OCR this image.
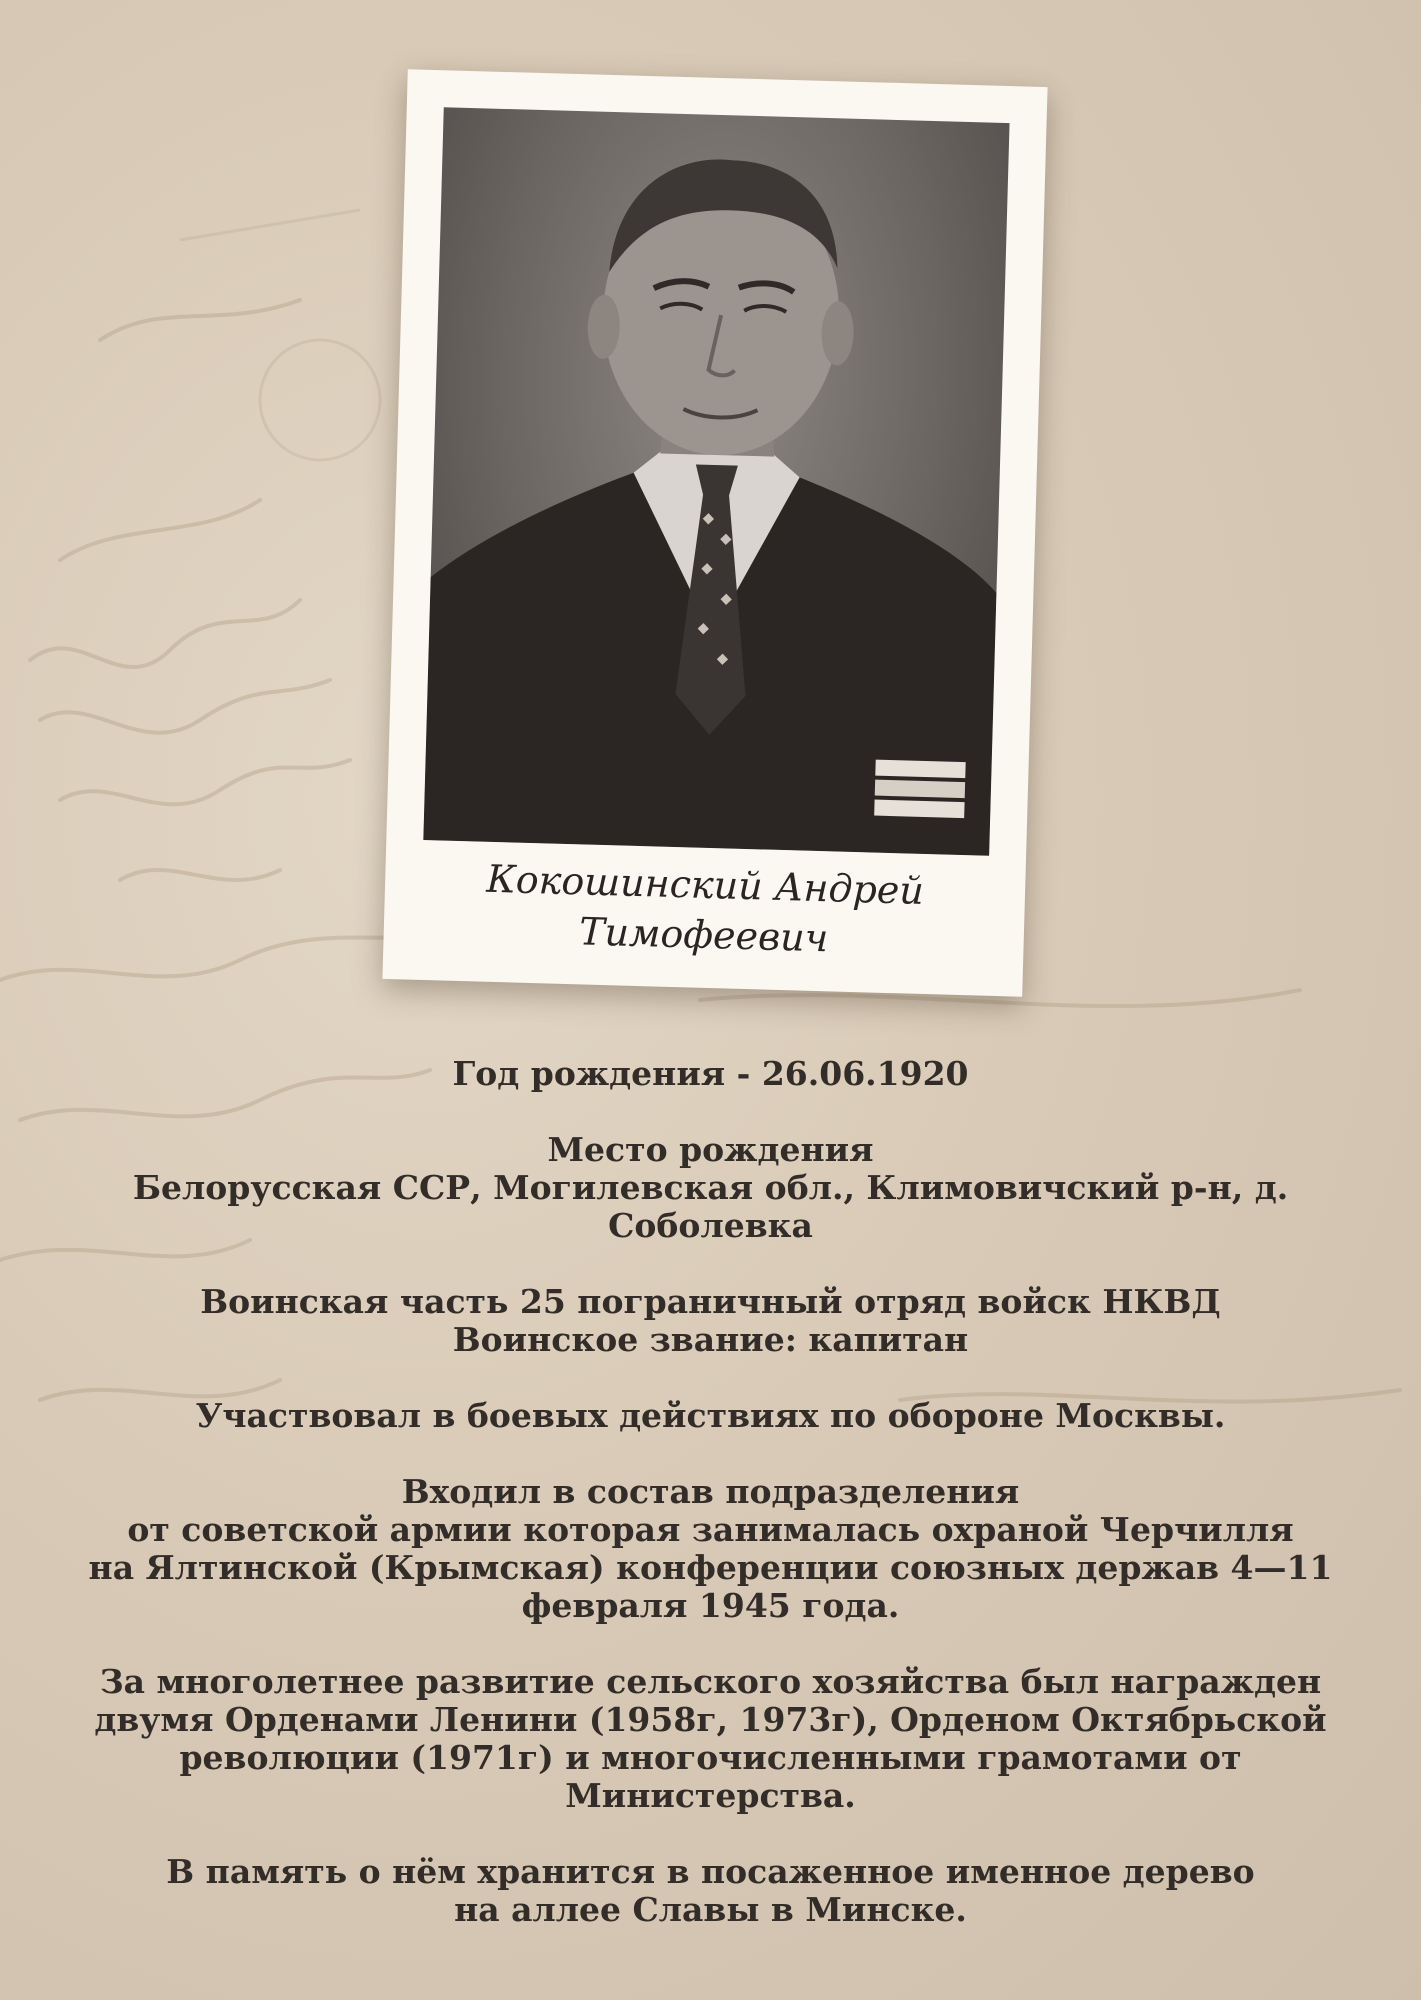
Кокошинский Андрей
Тимофеевич

Год рождения - 26.06.1920

Место рождения
Белорусская ССР, Могилевская обл., Климовичский р-н, д.
Соболевка

Воинская часть 25 пограничный отряд войск НКВД
Воинское звание: капитан

Участвовал в боевых действиях по обороне Москвы.

Входил в состав подразделения
от советской армии которая занималась охраной Черчилля
на Ялтинской (Крымская) конференции союзных держав 4—11
февраля 1945 года.

За многолетнее развитие сельского хозяйства был награжден
двумя Орденами Ленини (1958г, 1973г), Орденом Октябрьской
революции (1971г) и многочисленными грамотами от
Министерства.

В память о нём хранится в посаженное именное дерево
на аллее Славы в Минске.
